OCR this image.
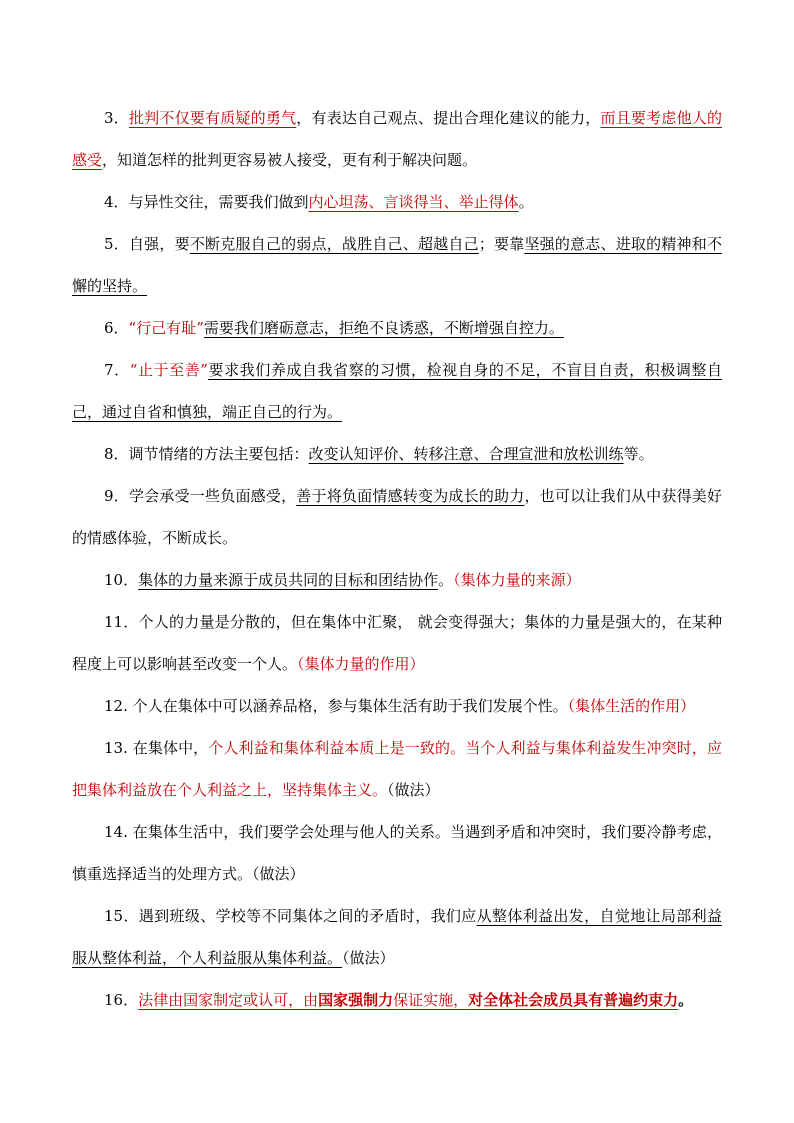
3．批判不仅要有质疑的勇气，有表达自己观点、提出合理化建议的能力，而且要考虑他人的感受，知道怎样的批判更容易被人接受，更有利于解决问题。

4．与异性交往，需要我们做到内心坦荡、言谈得当、举止得体。

5．自强，要不断克服自己的弱点，战胜自己、超越自己；要靠坚强的意志、进取的精神和不懈的坚持。

6．“行己有耻”需要我们磨砺意志，拒绝不良诱惑，不断增强自控力。

7．“止于至善”要求我们养成自我省察的习惯，检视自身的不足，不盲目自责，积极调整自己，通过自省和慎独，端正自己的行为。

8．调节情绪的方法主要包括：改变认知评价、转移注意、合理宣泄和放松训练等。

9．学会承受一些负面感受，善于将负面情感转变为成长的助力，也可以让我们从中获得美好的情感体验，不断成长。

10．集体的力量来源于成员共同的目标和团结协作。（集体力量的来源）

11．个人的力量是分散的，但在集体中汇聚， 就会变得强大；集体的力量是强大的，在某种程度上可以影响甚至改变一个人。（集体力量的作用）

12. 个人在集体中可以涵养品格，参与集体生活有助于我们发展个性。（集体生活的作用）

13. 在集体中，个人利益和集体利益本质上是一致的。当个人利益与集体利益发生冲突时，应把集体利益放在个人利益之上，坚持集体主义。（做法）

14. 在集体生活中，我们要学会处理与他人的关系。当遇到矛盾和冲突时，我们要冷静考虑，慎重选择适当的处理方式。（做法）

15．遇到班级、学校等不同集体之间的矛盾时，我们应从整体利益出发，自觉地让局部利益服从整体利益，个人利益服从集体利益。（做法）

16．法律由国家制定或认可，由国家强制力保证实施，对全体社会成员具有普遍约束力。
